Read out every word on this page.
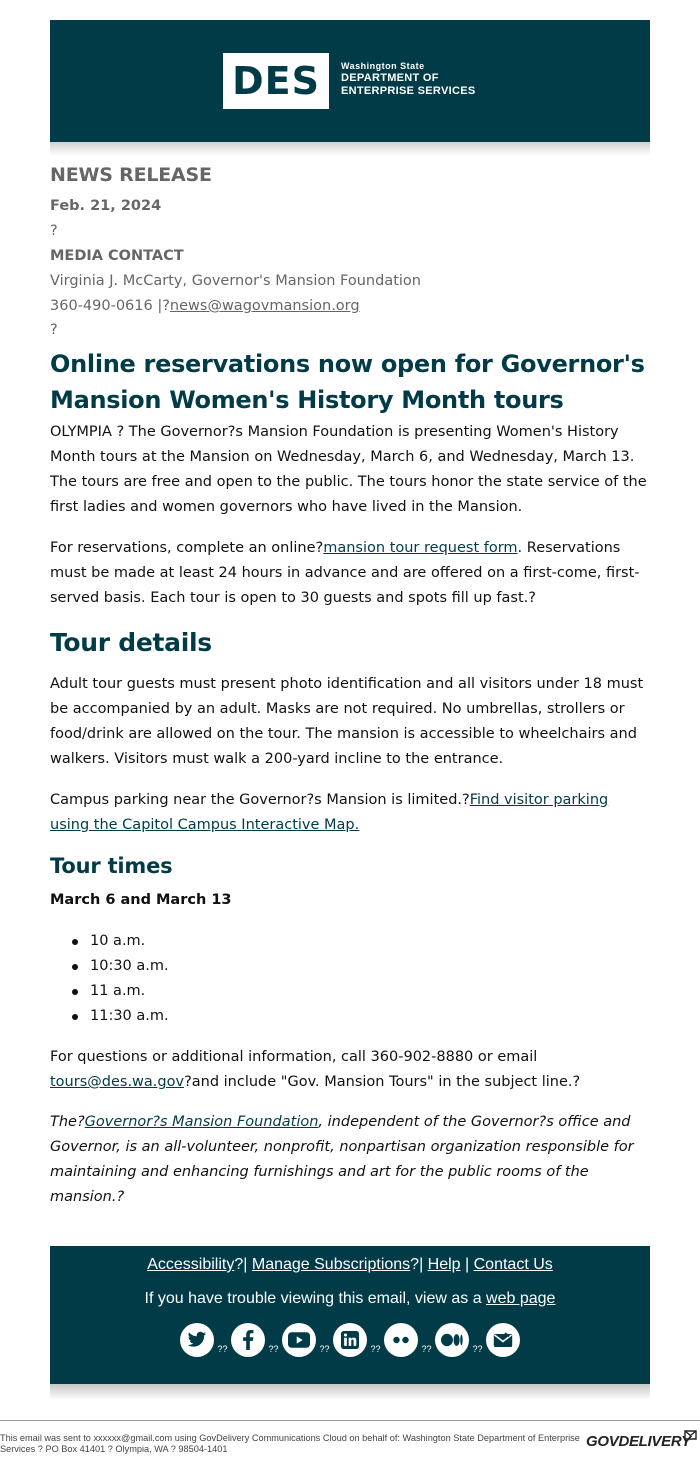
DES	Washington State
DEPARTMENT OF
ENTERPRISE SERVICES
NEWS RELEASE
Feb. 21, 2024
?
MEDIA CONTACT
Virginia J. McCarty, Governor's Mansion Foundation
360-490-0616 |?news@wagovmansion.org
?
Online reservations now open for Governor's Mansion Women's History Month tours

OLYMPIA ? The Governor?s Mansion Foundation is presenting Women's History Month tours at the Mansion on Wednesday, March 6, and Wednesday, March 13. The tours are free and open to the public. The tours honor the state service of the first ladies and women governors who have lived in the Mansion.

For reservations, complete an online?mansion tour request form. Reservations must be made at least 24 hours in advance and are offered on a first-come, first-served basis. Each tour is open to 30 guests and spots fill up fast.?

Tour details

Adult tour guests must present photo identification and all visitors under 18 must be accompanied by an adult. Masks are not required. No umbrellas, strollers or food/drink are allowed on the tour. The mansion is accessible to wheelchairs and walkers. Visitors must walk a 200-yard incline to the entrance.

Campus parking near the Governor?s Mansion is limited.?Find visitor parking using the Capitol Campus Interactive Map.

Tour times
March 6 and March 13
10 a.m.
10:30 a.m.
11 a.m.
11:30 a.m.

For questions or additional information, call 360-902-8880 or email
tours@des.wa.gov?and include "Gov. Mansion Tours" in the subject line.?

The?Governor?s Mansion Foundation, independent of the Governor?s office and Governor, is an all-volunteer, nonprofit, nonpartisan organization responsible for maintaining and enhancing furnishings and art for the public rooms of the mansion.?

Accessibility?| Manage Subscriptions?| Help | Contact Us
If you have trouble viewing this email, view as a web page
??	??	??	??	??	??
This email was sent to xxxxxx@gmail.com using GovDelivery Communications Cloud on behalf of: Washington State Department of Enterprise Services ? PO Box 41401 ? Olympia, WA ? 98504-1401	GOVDELIVERY
